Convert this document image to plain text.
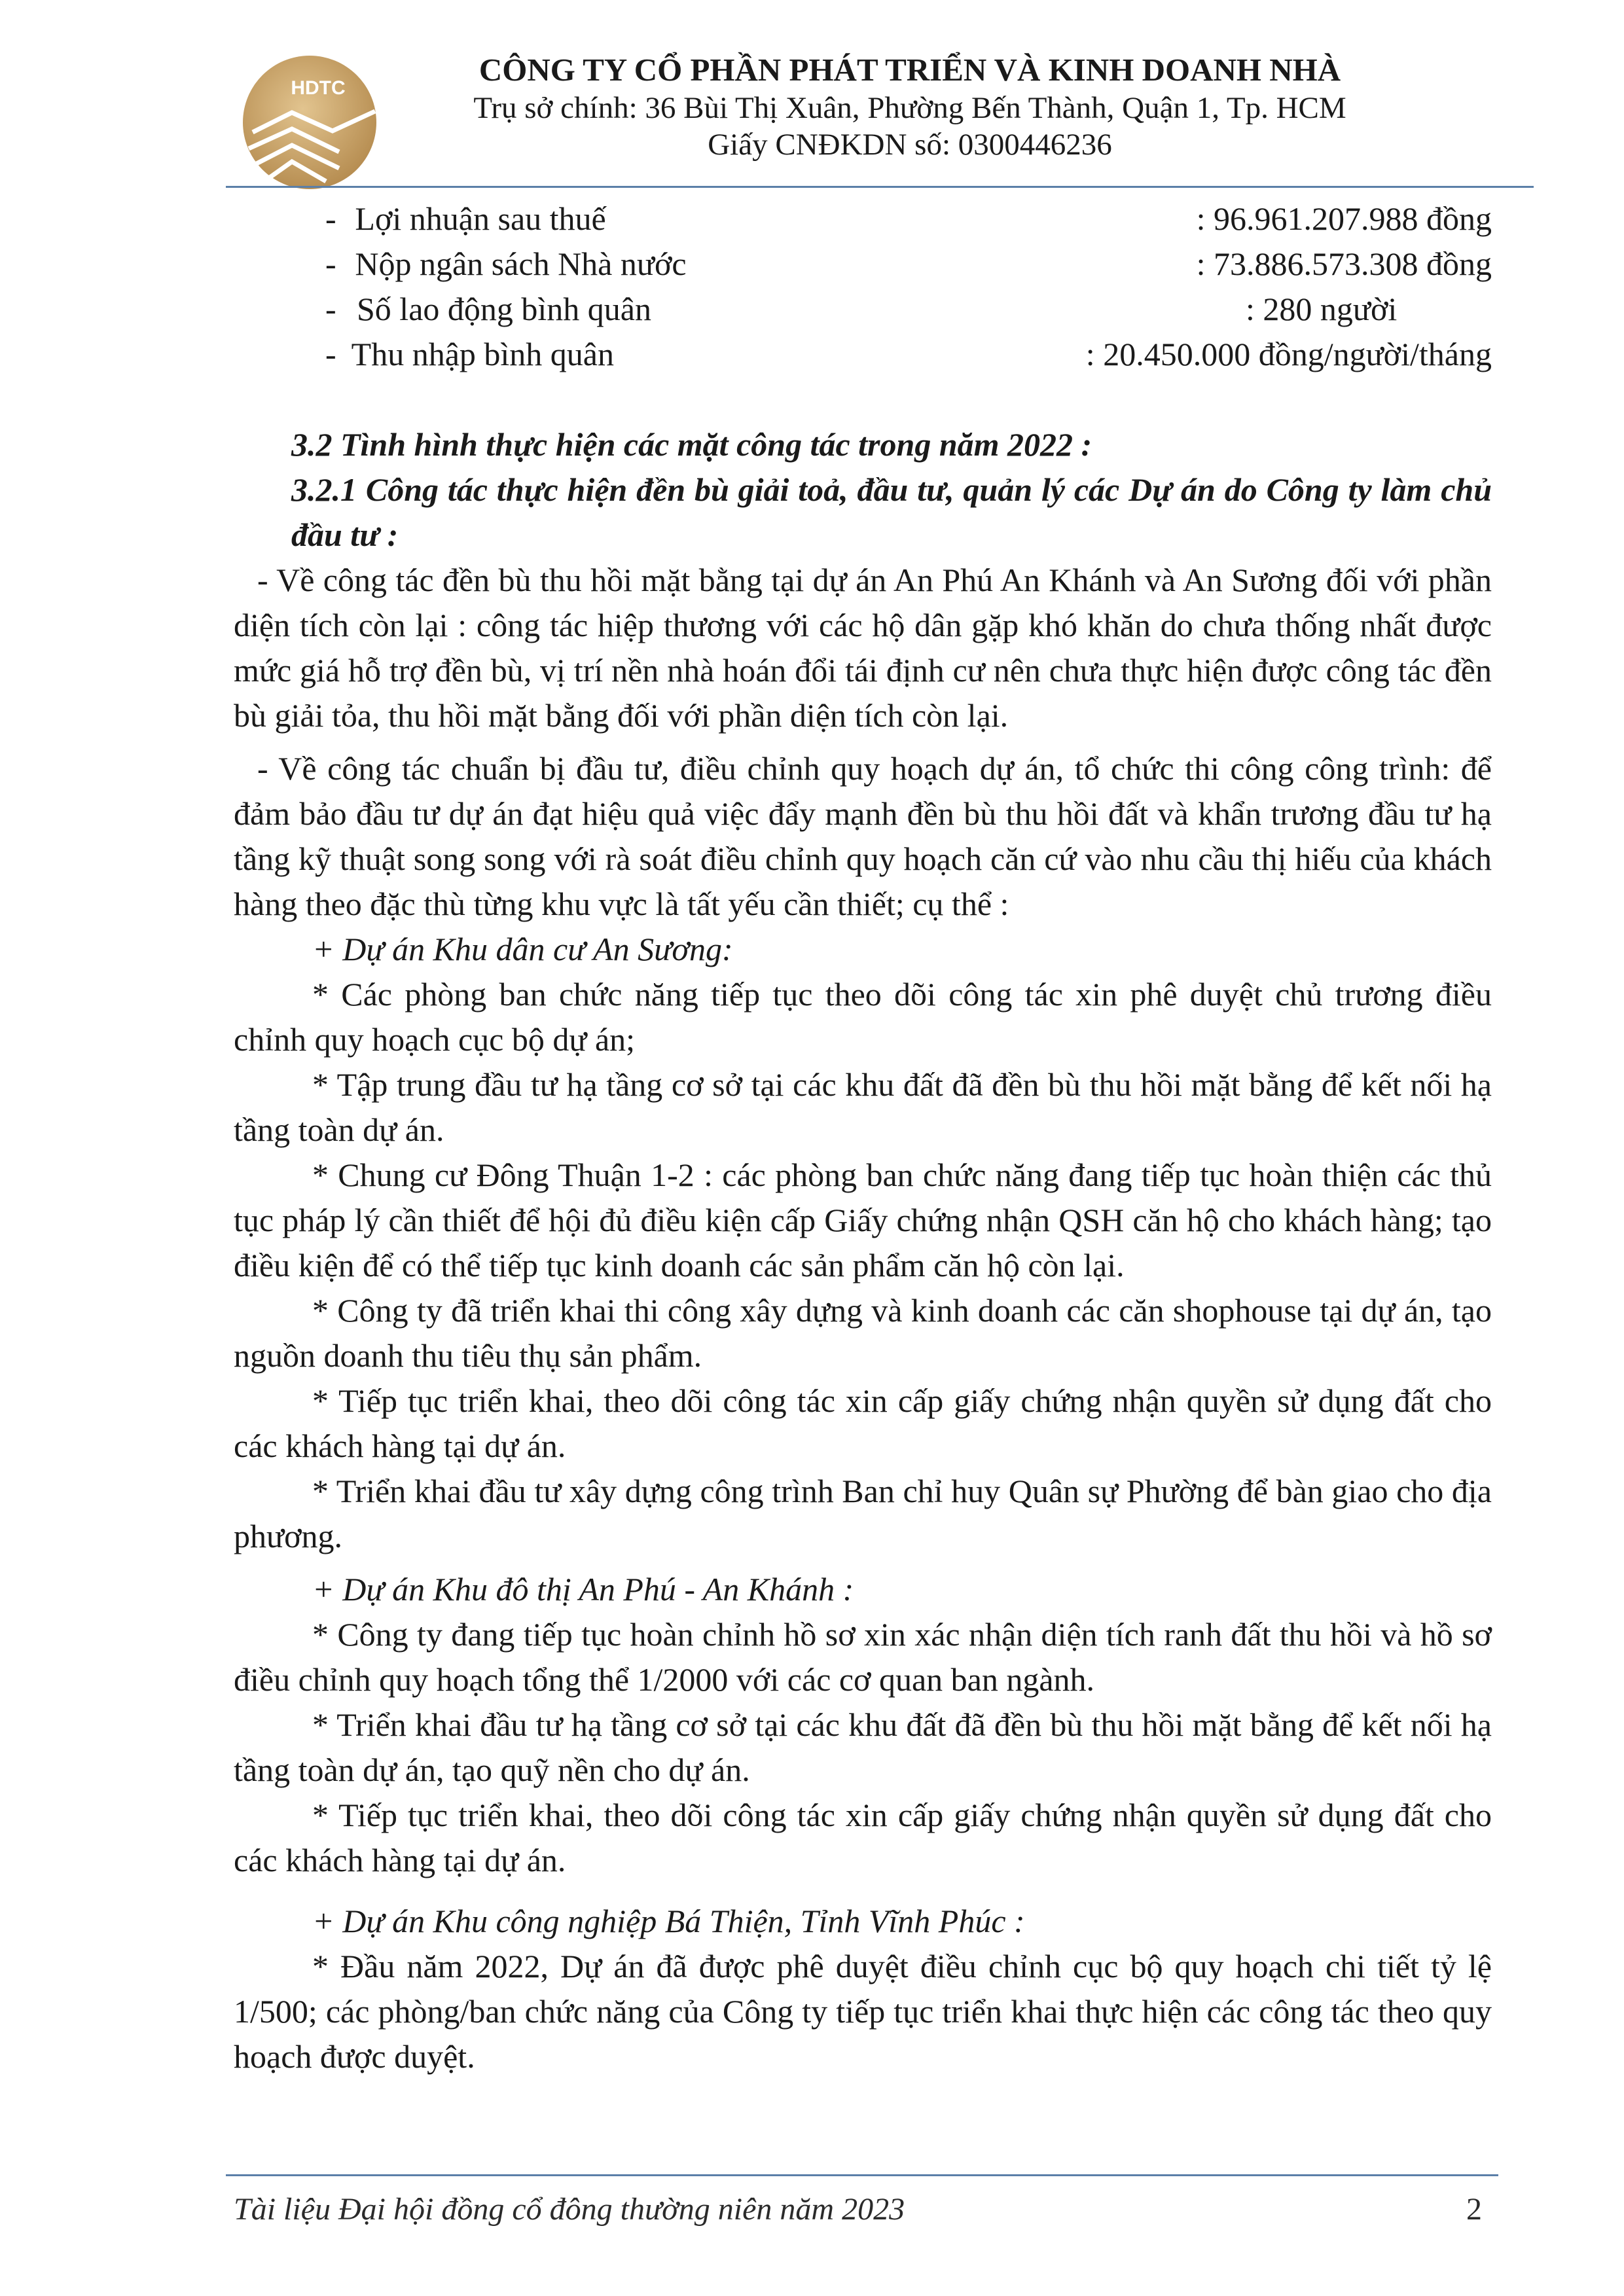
HDTC
CÔNG TY CỔ PHẦN PHÁT TRIỂN VÀ KINH DOANH NHÀ
Trụ sở chính: 36 Bùi Thị Xuân, Phường Bến Thành, Quận 1, Tp. HCM
Giấy CNĐKDN số: 0300446236
- Lợi nhuận sau thuế	: 96.961.207.988 đồng
- Nộp ngân sách Nhà nước	: 73.886.573.308 đồng
- Số lao động bình quân	: 280 người
- Thu nhập bình quân	: 20.450.000 đồng/người/tháng
3.2 Tình hình thực hiện các mặt công tác trong năm 2022 :
3.2.1 Công tác thực hiện đền bù giải toả, đầu tư, quản lý các Dự án do Công ty làm chủ đầu tư :

- Về công tác đền bù thu hồi mặt bằng tại dự án An Phú An Khánh và An Sương đối với phần diện tích còn lại : công tác hiệp thương với các hộ dân gặp khó khăn do chưa thống nhất được mức giá hỗ trợ đền bù, vị trí nền nhà hoán đổi tái định cư nên chưa thực hiện được công tác đền bù giải tỏa, thu hồi mặt bằng đối với phần diện tích còn lại.

- Về công tác chuẩn bị đầu tư, điều chỉnh quy hoạch dự án, tổ chức thi công công trình: để đảm bảo đầu tư dự án đạt hiệu quả việc đẩy mạnh đền bù thu hồi đất và khẩn trương đầu tư hạ tầng kỹ thuật song song với rà soát điều chỉnh quy hoạch căn cứ vào nhu cầu thị hiếu của khách hàng theo đặc thù từng khu vực là tất yếu cần thiết; cụ thể :

+ Dự án Khu dân cư An Sương:

* Các phòng ban chức năng tiếp tục theo dõi công tác xin phê duyệt chủ trương điều chỉnh quy hoạch cục bộ dự án;

* Tập trung đầu tư hạ tầng cơ sở tại các khu đất đã đền bù thu hồi mặt bằng để kết nối hạ tầng toàn dự án.

* Chung cư Đông Thuận 1-2 : các phòng ban chức năng đang tiếp tục hoàn thiện các thủ tục pháp lý cần thiết để hội đủ điều kiện cấp Giấy chứng nhận QSH căn hộ cho khách hàng; tạo điều kiện để có thể tiếp tục kinh doanh các sản phẩm căn hộ còn lại.

* Công ty đã triển khai thi công xây dựng và kinh doanh các căn shophouse tại dự án, tạo nguồn doanh thu tiêu thụ sản phẩm.

* Tiếp tục triển khai, theo dõi công tác xin cấp giấy chứng nhận quyền sử dụng đất cho các khách hàng tại dự án.

* Triển khai đầu tư xây dựng công trình Ban chỉ huy Quân sự Phường để bàn giao cho địa phương.

+ Dự án Khu đô thị An Phú - An Khánh :

* Công ty đang tiếp tục hoàn chỉnh hồ sơ xin xác nhận diện tích ranh đất thu hồi và hồ sơ điều chỉnh quy hoạch tổng thể 1/2000 với các cơ quan ban ngành.

* Triển khai đầu tư hạ tầng cơ sở tại các khu đất đã đền bù thu hồi mặt bằng để kết nối hạ tầng toàn dự án, tạo quỹ nền cho dự án.

* Tiếp tục triển khai, theo dõi công tác xin cấp giấy chứng nhận quyền sử dụng đất cho các khách hàng tại dự án.

+ Dự án Khu công nghiệp Bá Thiện, Tỉnh Vĩnh Phúc :

* Đầu năm 2022, Dự án đã được phê duyệt điều chỉnh cục bộ quy hoạch chi tiết tỷ lệ 1/500; các phòng/ban chức năng của Công ty tiếp tục triển khai thực hiện các công tác theo quy hoạch được duyệt.

Tài liệu Đại hội đồng cổ đông thường niên năm 2023	2
